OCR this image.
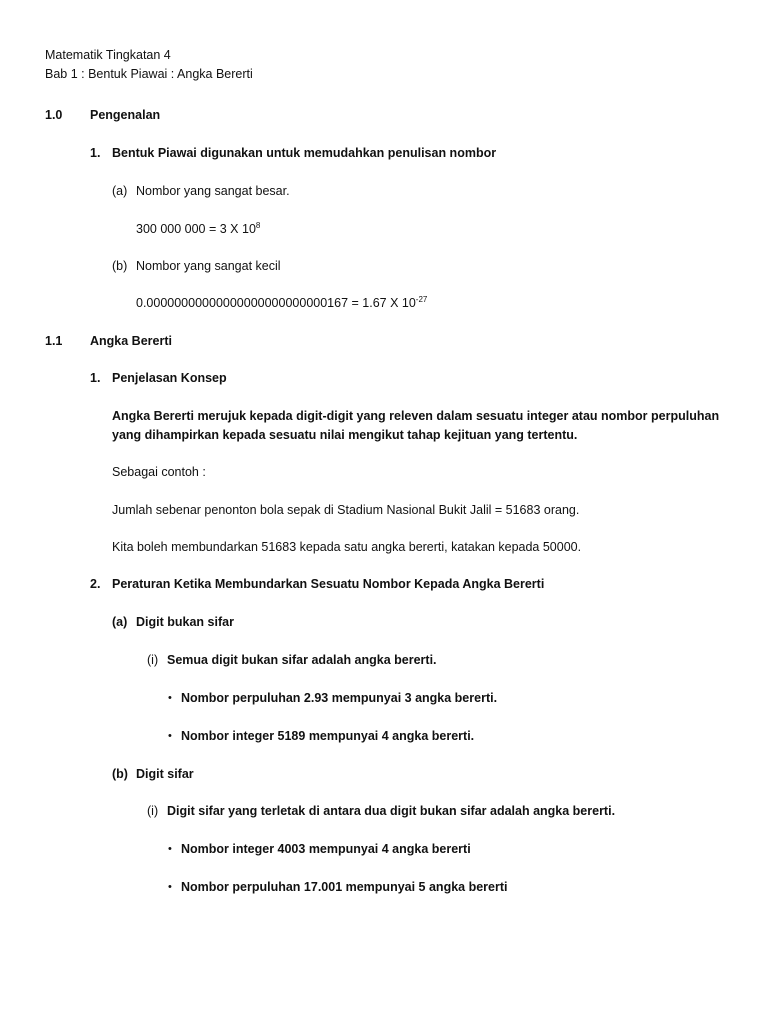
Matematik Tingkatan 4
Bab 1 : Bentuk Piawai : Angka Bererti
1.0 Pengenalan
1. Bentuk Piawai digunakan untuk memudahkan penulisan nombor
(a) Nombor yang sangat besar.
300 000 000 = 3 X $10^8$
(b) Nombor yang sangat kecil
0.00000000000000000000000000167 = 1.67 X $10^{-27}$
1.1 Angka Bererti
1. Penjelasan Konsep
Angka Bererti merujuk kepada digit-digit yang releven dalam sesuatu integer atau nombor perpuluhan
yang dihampirkan kepada sesuatu nilai mengikut tahap kejituan yang tertentu.
Sebagai contoh :
Jumlah sebenar penonton bola sepak di Stadium Nasional Bukit Jalil = 51683 orang.
Kita boleh membundarkan 51683 kepada satu angka bererti, katakan kepada 50000.
2. Peraturan Ketika Membundarkan Sesuatu Nombor Kepada Angka Bererti
(a) Digit bukan sifar
(i) Semua digit bukan sifar adalah angka bererti.
• Nombor perpuluhan 2.93 mempunyai 3 angka bererti.
• Nombor integer 5189 mempunyai 4 angka bererti.
(b) Digit sifar
(i) Digit sifar yang terletak di antara dua digit bukan sifar adalah angka bererti.
• Nombor integer 4003 mempunyai 4 angka bererti
• Nombor perpuluhan 17.001 mempunyai 5 angka bererti
